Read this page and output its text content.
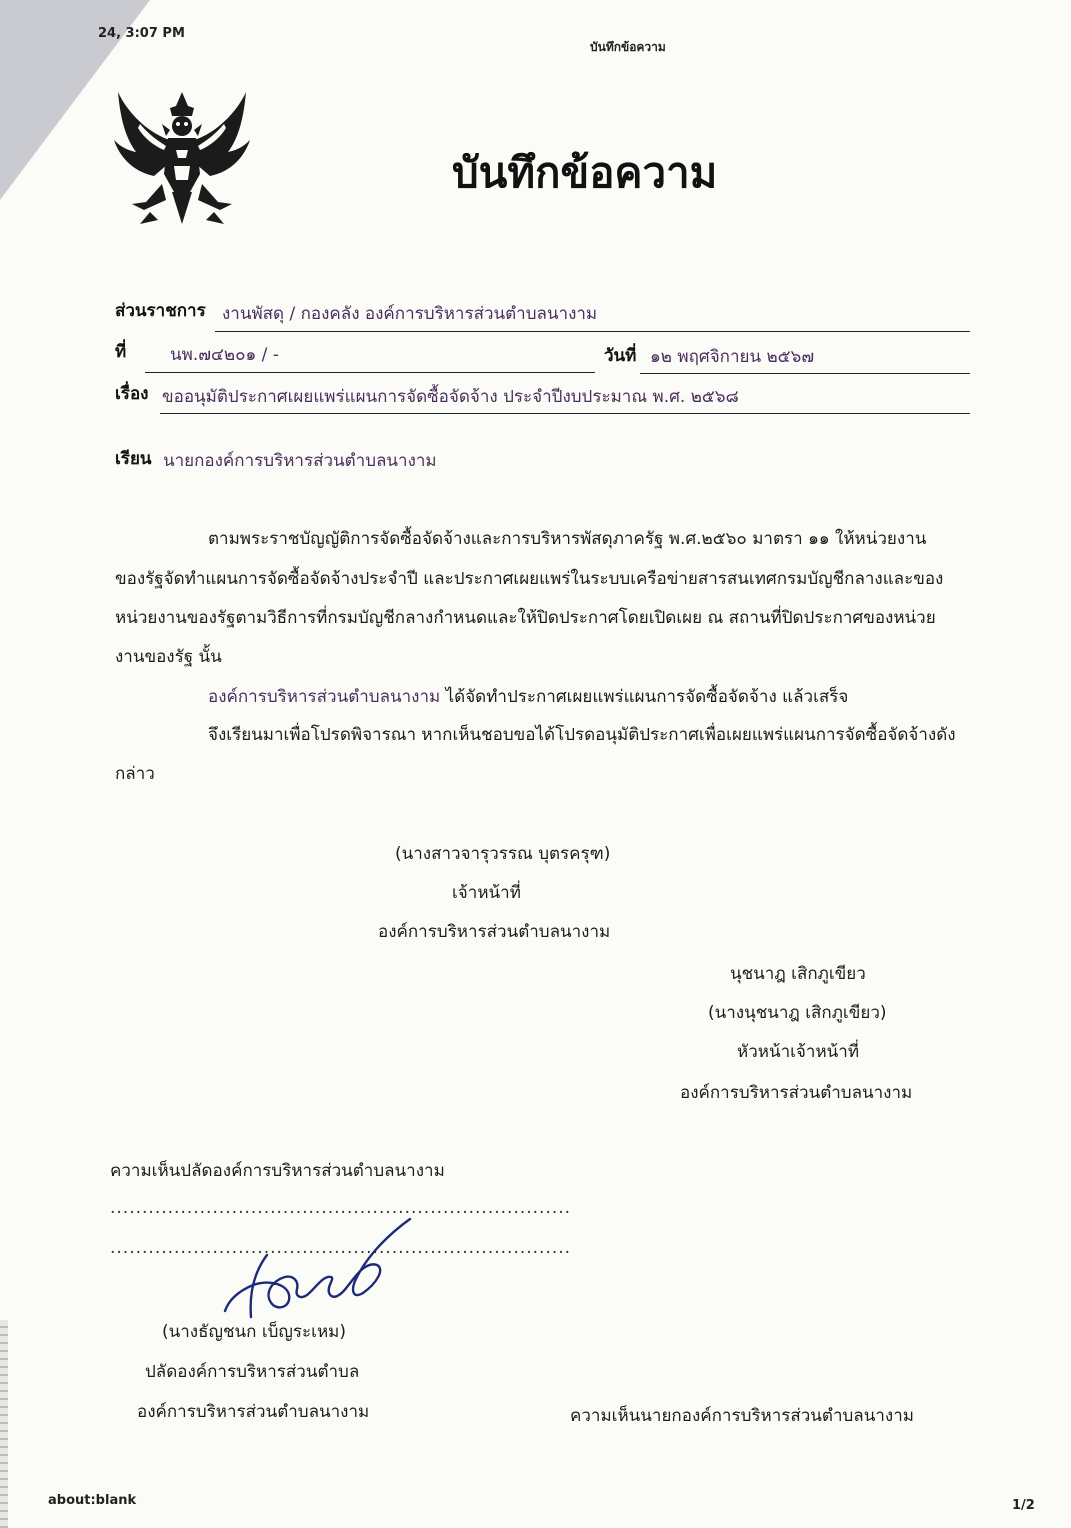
24, 3:07 PM
บันทึกข้อความ
บันทึกข้อความ
ส่วนราชการ งานพัสดุ / กองคลัง องค์การบริหารส่วนตำบลนางาม
ที่	นพ.๗๔๒๐๑ / -	วันที่ ๑๒ พฤศจิกายน ๒๕๖๗
เรื่อง ขออนุมัติประกาศเผยแพร่แผนการจัดซื้อจัดจ้าง ประจำปีงบประมาณ พ.ศ. ๒๕๖๘
เรียน นายกองค์การบริหารส่วนตำบลนางาม
ตามพระราชบัญญัติการจัดซื้อจัดจ้างและการบริหารพัสดุภาครัฐ พ.ศ.๒๕๖๐ มาตรา ๑๑ ให้หน่วยงาน
ของรัฐจัดทำแผนการจัดซื้อจัดจ้างประจำปี และประกาศเผยแพร่ในระบบเครือข่ายสารสนเทศกรมบัญชีกลางและของ
หน่วยงานของรัฐตามวิธีการที่กรมบัญชีกลางกำหนดและให้ปิดประกาศโดยเปิดเผย ณ สถานที่ปิดประกาศของหน่วย
งานของรัฐ นั้น
องค์การบริหารส่วนตำบลนางาม ได้จัดทำประกาศเผยแพร่แผนการจัดซื้อจัดจ้าง แล้วเสร็จ
จึงเรียนมาเพื่อโปรดพิจารณา หากเห็นชอบขอได้โปรดอนุมัติประกาศเพื่อเผยแพร่แผนการจัดซื้อจัดจ้างดัง
กล่าว
(นางสาวจารุวรรณ บุตรครุฑ)
เจ้าหน้าที่
องค์การบริหารส่วนตำบลนางาม
นุชนาฎ เสิกภูเขียว
(นางนุชนาฎ เสิกภูเขียว)
หัวหน้าเจ้าหน้าที่
องค์การบริหารส่วนตำบลนางาม
ความเห็นปลัดองค์การบริหารส่วนตำบลนางาม
........................................................................
........................................................................
(นางธัญชนก เบ็ญระเหม)
ปลัดองค์การบริหารส่วนตำบล
องค์การบริหารส่วนตำบลนางาม	ความเห็นนายกองค์การบริหารส่วนตำบลนางาม
about:blank	1/2
